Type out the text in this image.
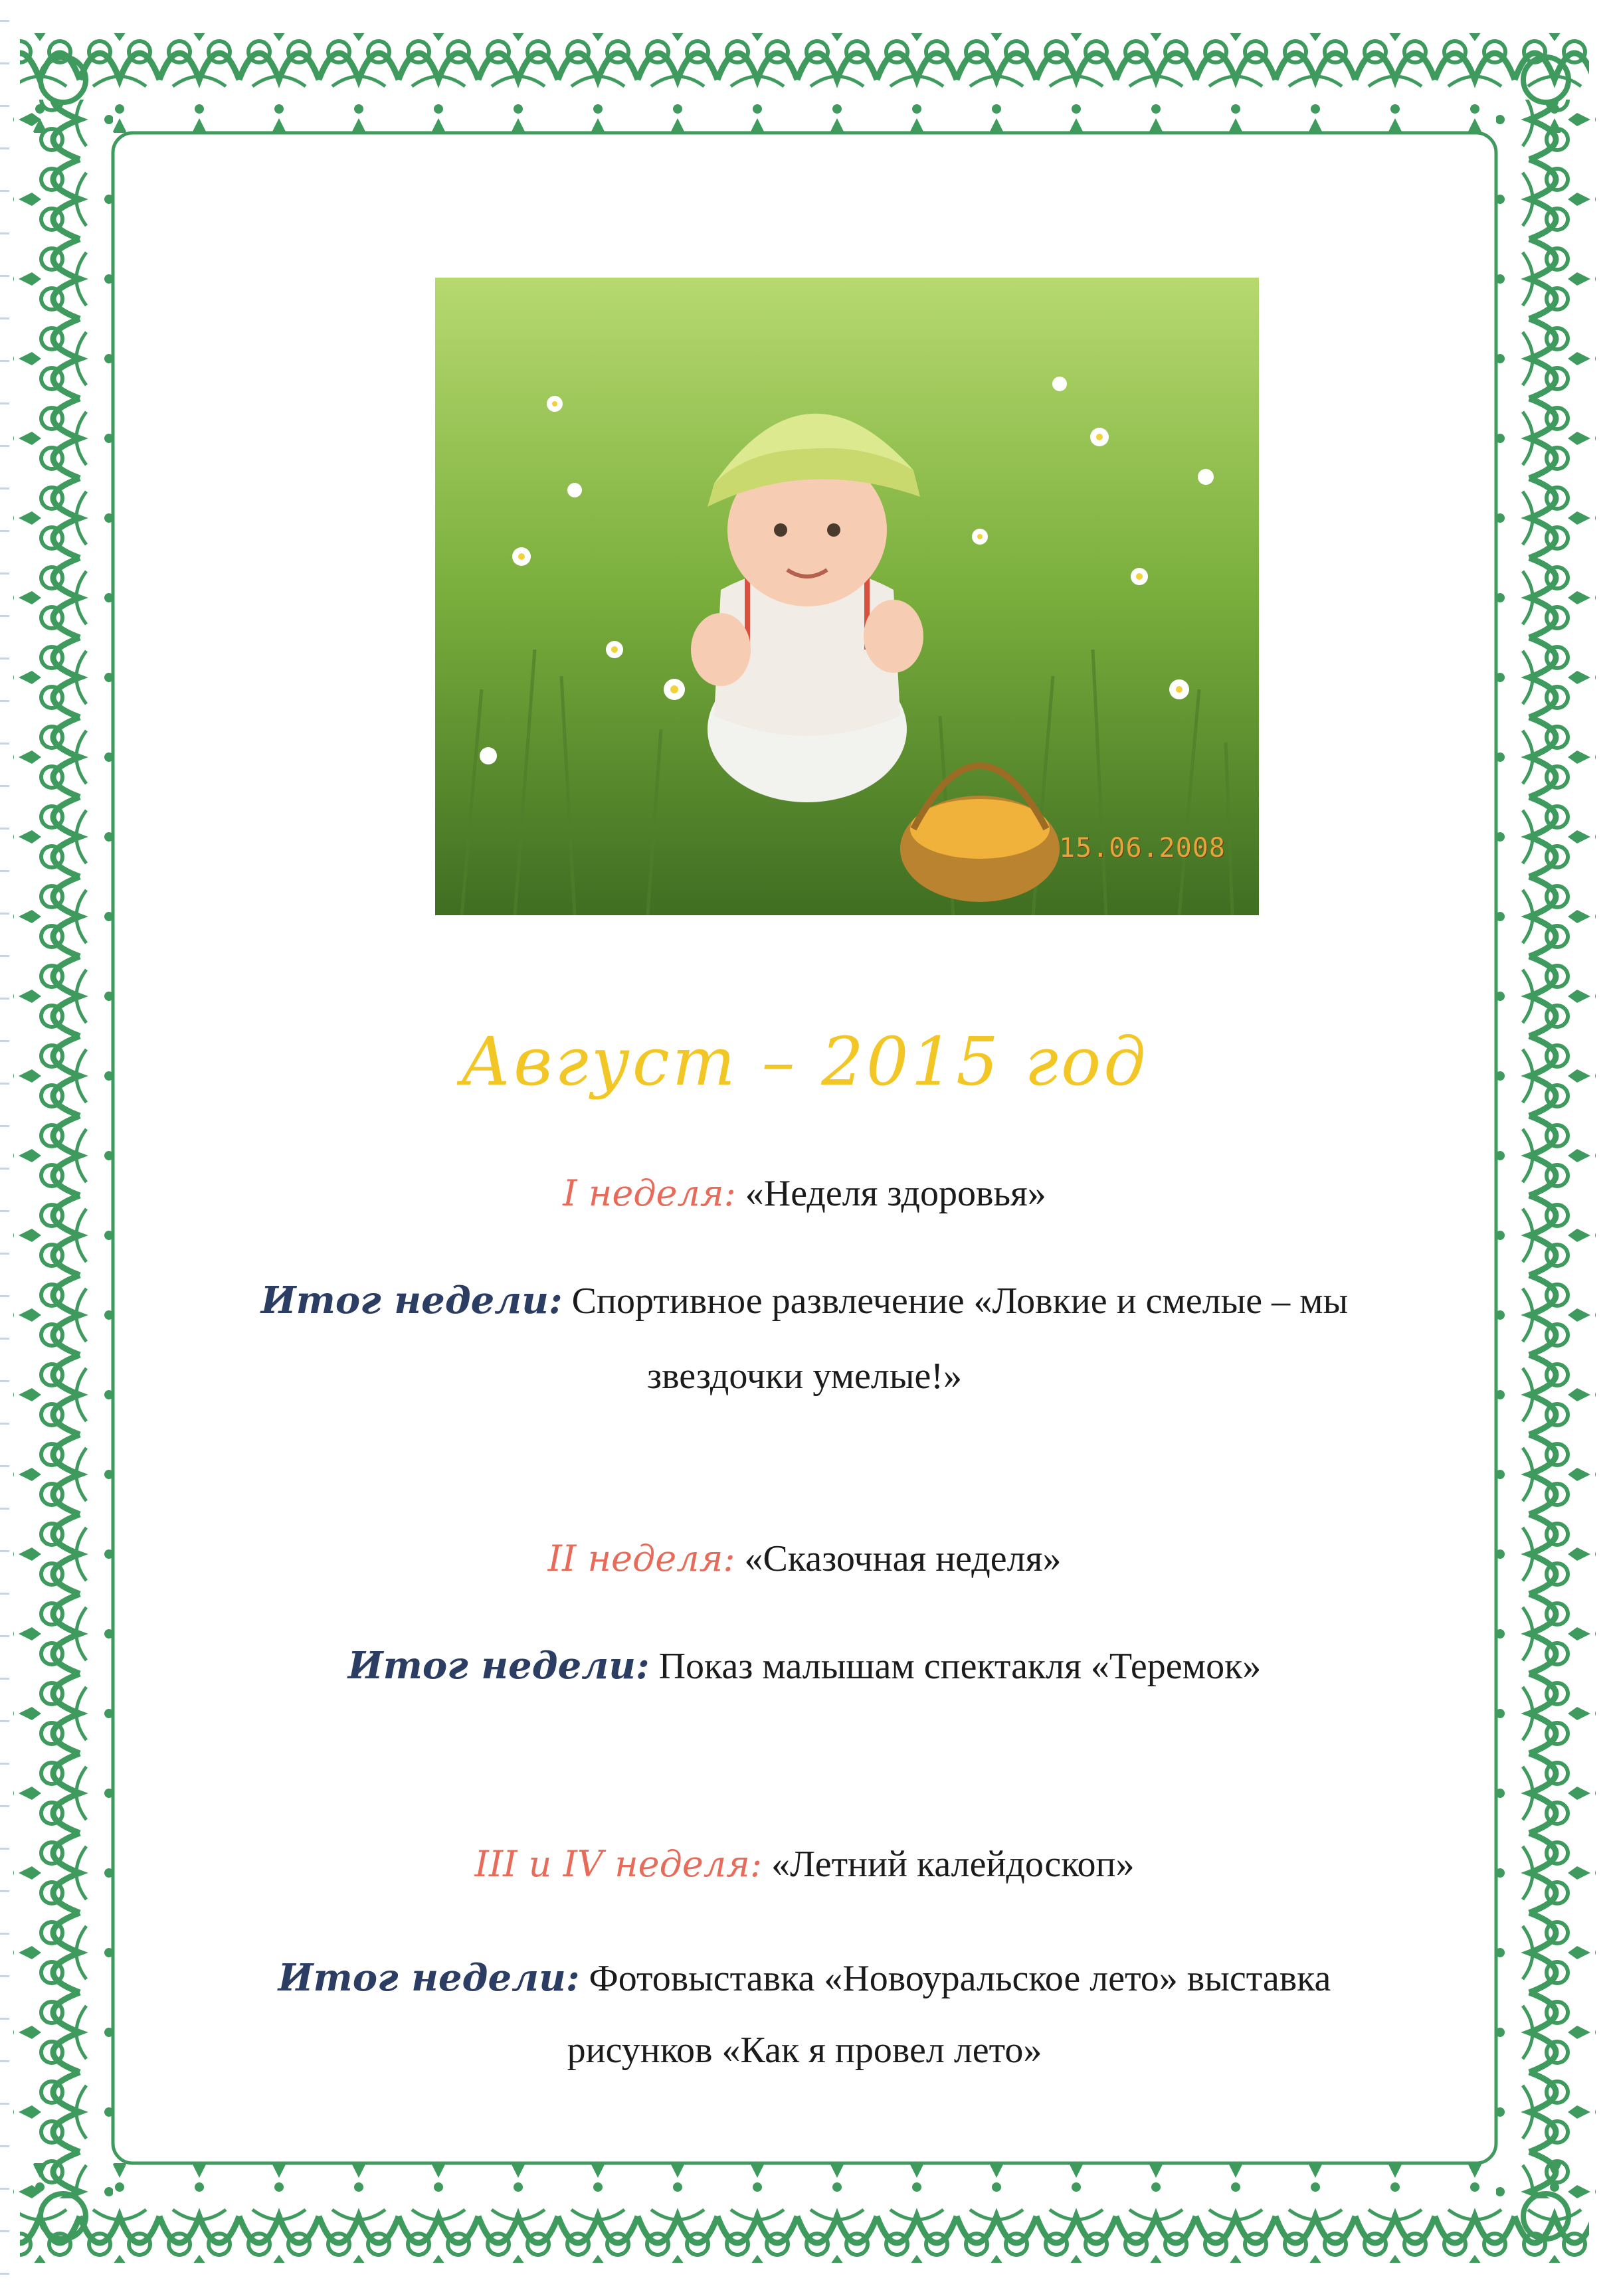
15.06.2008
Август – 2015 год
I неделя: «Неделя здоровья»
Итог недели: Спортивное развлечение «Ловкие и смелые – мы
звездочки умелые!»
II неделя: «Сказочная неделя»
Итог недели: Показ малышам спектакля «Теремок»
III и IV неделя: «Летний калейдоскоп»
Итог недели: Фотовыставка «Новоуральское лето» выставка
рисунков «Как я провел лето»
